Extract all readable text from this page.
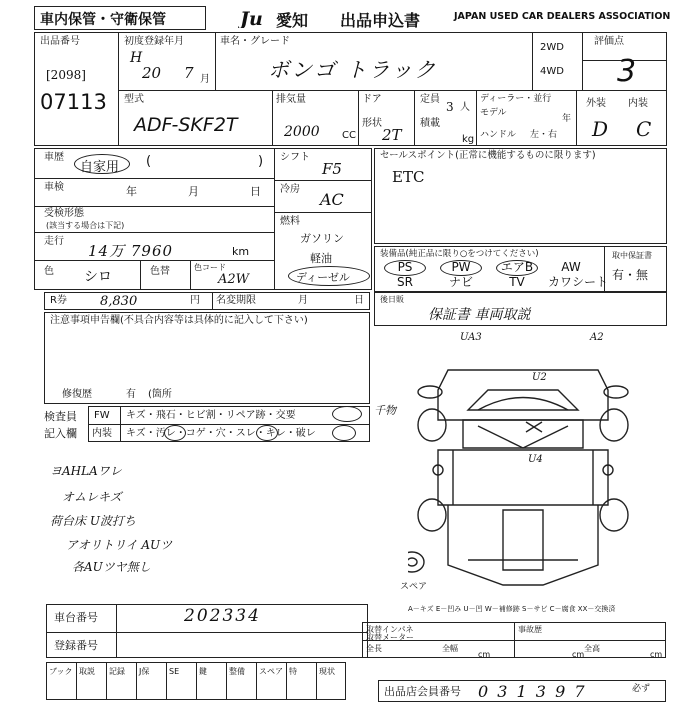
車内保管・守衛保管	Ju 愛知 出品申込書	JAPAN USED CAR DEALERS ASSOCIATION
出品番号
[2098]
07113
初度登録年月
H
20 7 月
車名・グレード
ボンゴ トラック
2WD
4WD
評価点
3
外装 内装
D C
型式
ADF-SKF2T
排気量
2000 CC
ドア
形状
2T
定員
3 人
積載
kg
ディーラー・並行
モデル
年
ハンドル 左・右
車歴
自家用 (	)
車検	年	月	日
受検形態
(該当する場合は下記)
走行
14万 7960	km
色 シロ	色替	色コード
A2W
シフト
F5
冷房
AC
燃料
ガソリン
軽油
ディーゼル
セールスポイント(正常に機能するものに限ります)
ETC
装備品(純正品に限り○をつけてください)	取中保証書
有・無
PS	PW	エアB	AW
SR	ナビ	TV	カワシート
R券	8,830	円 名変期限	月	日
注意事項申告欄(不具合内容等は具体的に記入して下さい)
修復歴	有 (箇所
後日販
保証書 車両取説
検査員
記入欄
FW キズ・飛石・ヒビ割・リペア跡・交要	千物
内装 キズ・汚レ・コゲ・穴・スレ・キレ・破レ
ヨAHLAワレ
オムレキズ
荷台床 U波打ち
アオリトリイ AUツ
各AUツヤ無し
UA3	A2
U2
U4
スペア
A－キズ E－凹み U－凹 W－補修跡 S－サビ C－腐食 XX－交換済
車台番号	202334
登録番号
ブック 取説	記録	J保	SE	鍵	整備	スペア 特	現状
取替インパネ
取替メーター
事故歴
全長	全幅	全高
cm	cm	cm
出品店会員番号 0 3 1 3 9 7	必ず
